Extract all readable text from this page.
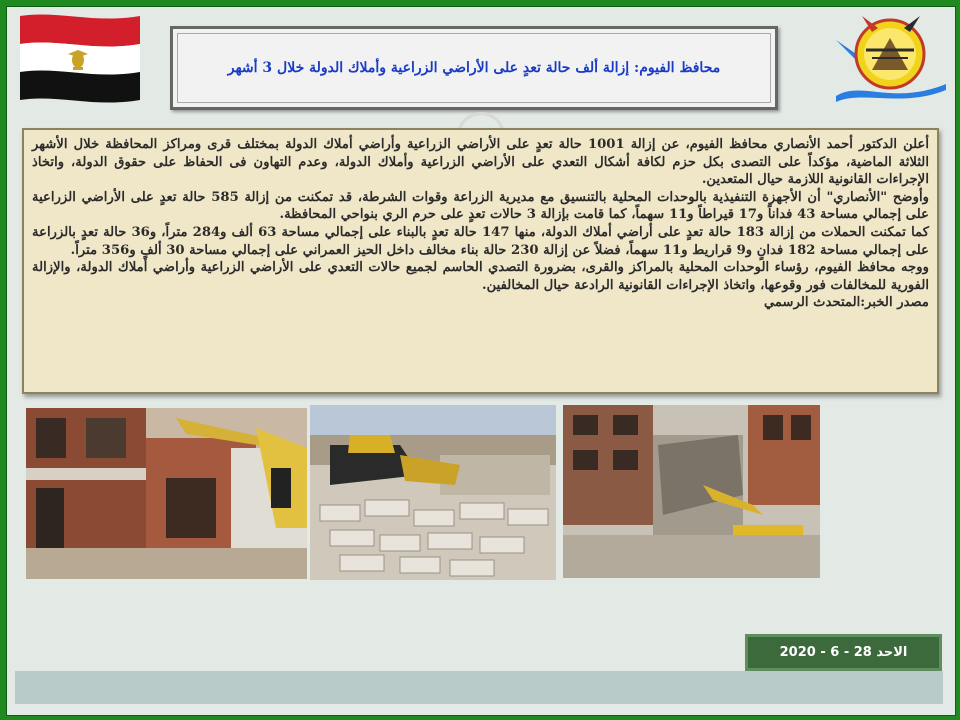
محافظ الفيوم: إزالة ألف حالة تعدٍ على الأراضي الزراعية وأملاك الدولة خلال 3 أشهر

أعلن الدكتور أحمد الأنصاري محافظ الفيوم، عن إزالة 1001 حالة تعدٍ على الأراضي الزراعية وأراضي أملاك الدولة بمختلف قرى ومراكز المحافظة خلال الأشهر الثلاثة الماضية، مؤكداً على التصدى بكل حزم لكافة أشكال التعدي على الأراضي الزراعية وأملاك الدولة، وعدم التهاون فى الحفاظ على حقوق الدولة، واتخاذ الإجراءات القانونية اللازمة حيال المتعدين.

وأوضح "الأنصاري" أن الأجهزة التنفيذية بالوحدات المحلية بالتنسيق مع مديرية الزراعة وقوات الشرطة، قد تمكنت من إزالة 585 حالة تعدٍ على الأراضي الزراعية على إجمالي مساحة 43 فداناً و17 قيراطاً و11 سهماً، كما قامت بإزالة 3 حالات تعدٍ على حرم الري بنواحي المحافظة.

كما تمكنت الحملات من إزالة 183 حالة تعدٍ على أراضي أملاك الدولة، منها 147 حالة تعدٍ بالبناء على إجمالي مساحة 63 ألف و284 متراً، و36 حالة تعدٍ بالزراعة على إجمالي مساحة 182 فدانٍ و9 قراريط و11 سهماً، فضلاً عن إزالة 230 حالة بناء مخالف داخل الحيز العمراني على إجمالي مساحة 30 ألفٍ و356 متراً.

ووجه محافظ الفيوم، رؤساء الوحدات المحلية بالمراكز والقرى، بضرورة التصدي الحاسم لجميع حالات التعدي على الأراضي الزراعية وأراضي أملاك الدولة، والإزالة الفورية للمخالفات فور وقوعها، واتخاذ الإجراءات القانونية الرادعة حيال المخالفين.

مصدر الخبر:المتحدث الرسمي

الاحد 28 - 6 - 2020
